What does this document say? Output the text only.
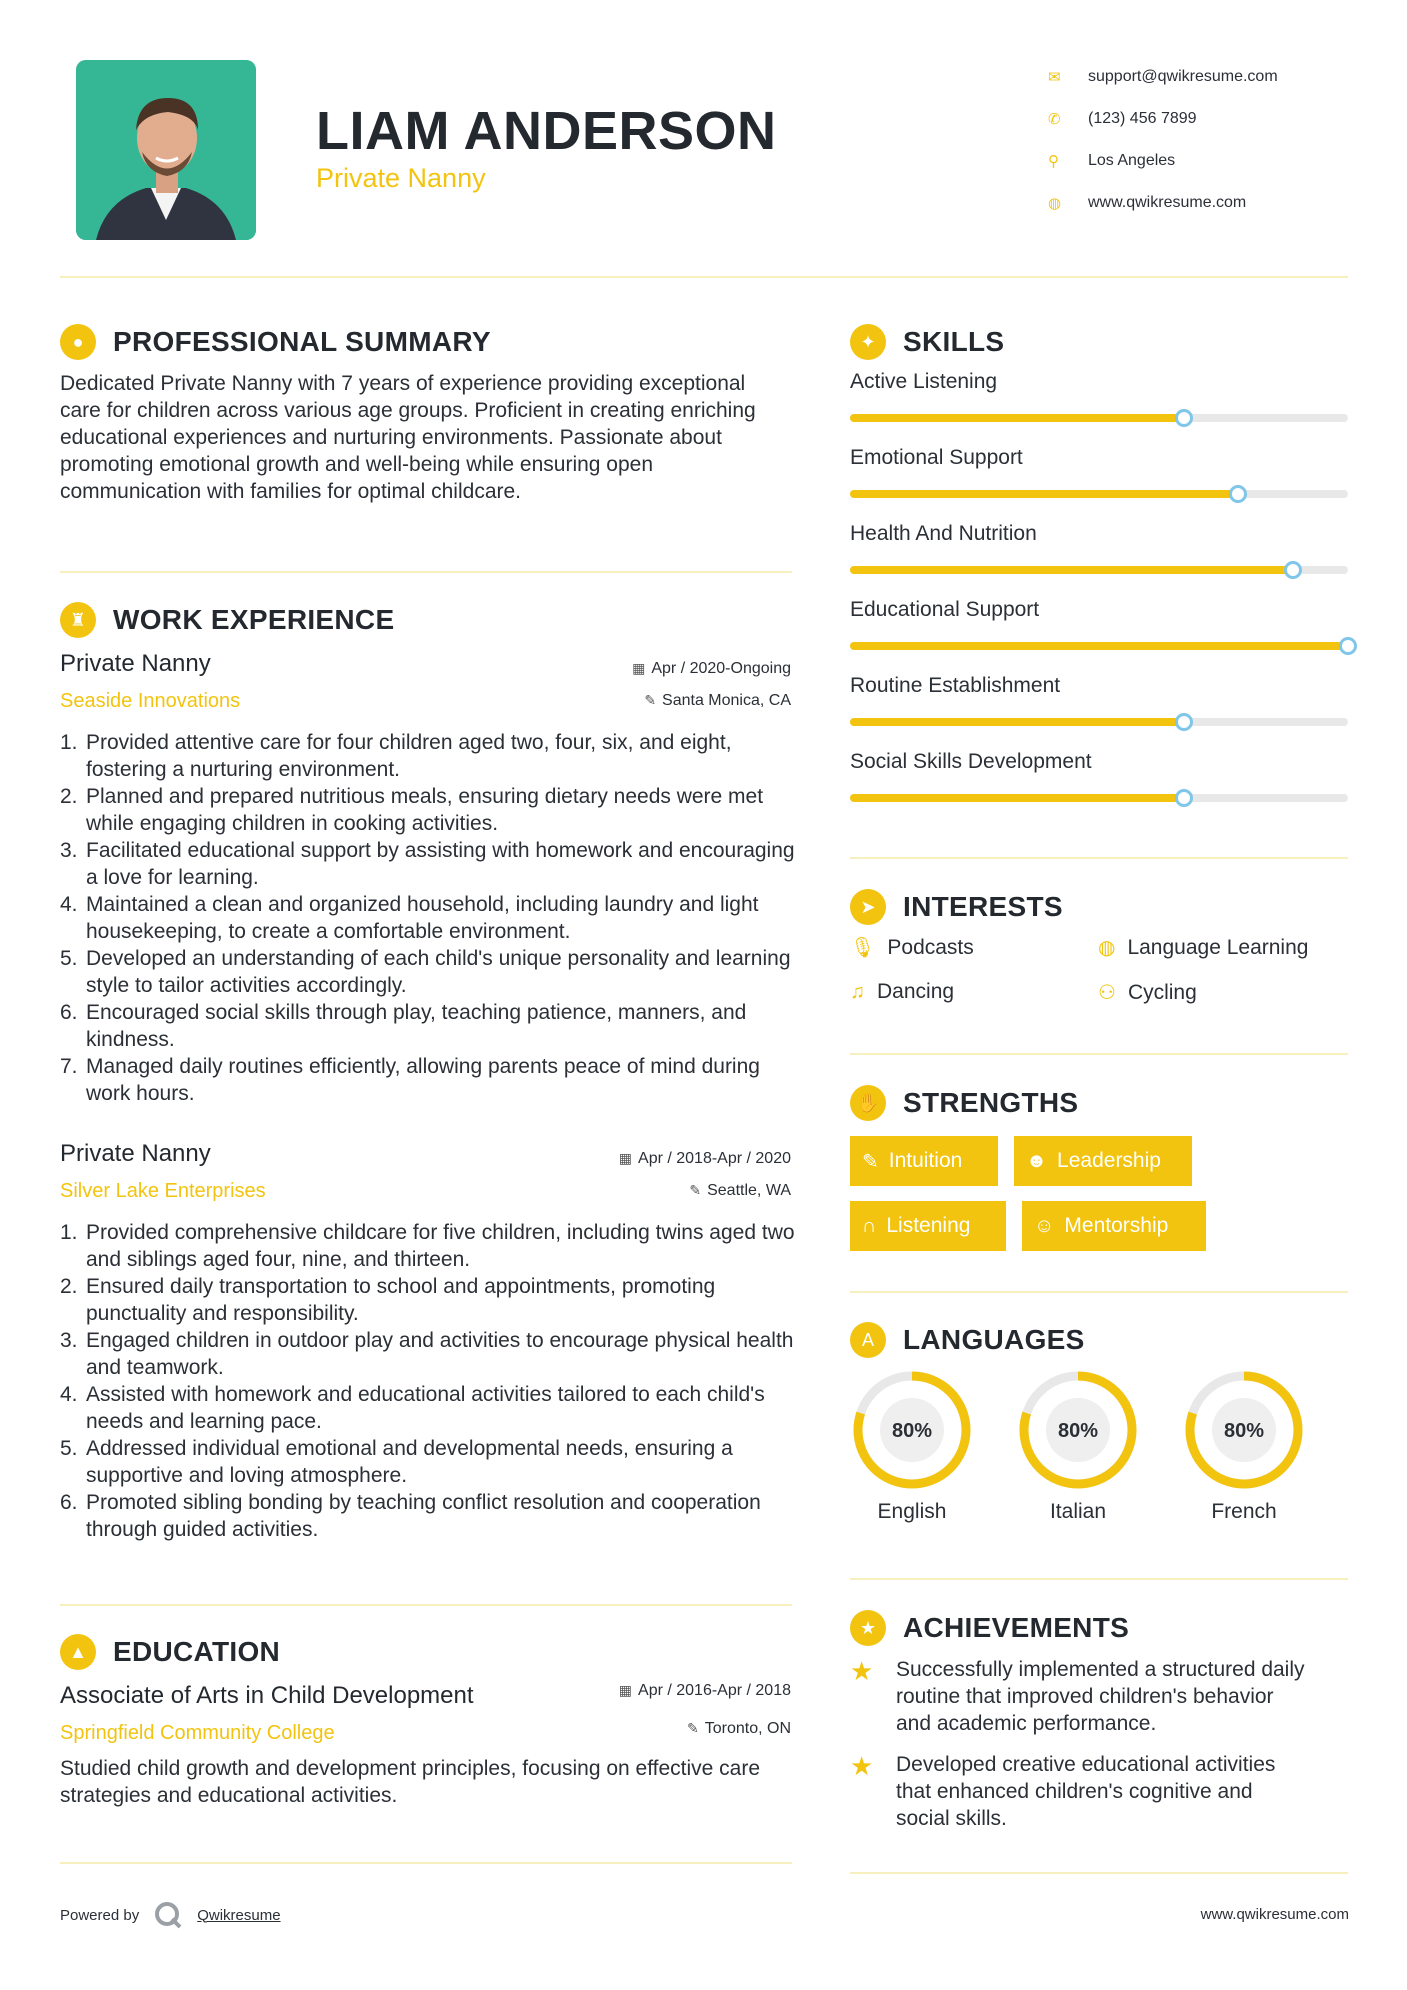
LIAM ANDERSON
Private Nanny
✉	support@qwikresume.com
✆	(123) 456 7899
⚲	Los Angeles
◍	www.qwikresume.com
●	PROFESSIONAL SUMMARY
Dedicated Private Nanny with 7 years of experience providing exceptional care for children across various age groups. Proficient in creating enriching educational experiences and nurturing environments. Passionate about promoting emotional growth and well-being while ensuring open communication with families for optimal childcare.
♜ WORK EXPERIENCE
Private Nanny
Seaside Innovations
▦ Apr / 2020-Ongoing
✎ Santa Monica, CA
1. Provided attentive care for four children aged two, four, six, and eight, fostering a nurturing environment.
2. Planned and prepared nutritious meals, ensuring dietary needs were met while engaging children in cooking activities.
3. Facilitated educational support by assisting with homework and encouraging a love for learning.
4. Maintained a clean and organized household, including laundry and light housekeeping, to create a comfortable environment.
5. Developed an understanding of each child's unique personality and learning style to tailor activities accordingly.
6. Encouraged social skills through play, teaching patience, manners, and kindness.
7. Managed daily routines efficiently, allowing parents peace of mind during work hours.
Private Nanny
Silver Lake Enterprises
▦ Apr / 2018-Apr / 2020
✎ Seattle, WA
1. Provided comprehensive childcare for five children, including twins aged two and siblings aged four, nine, and thirteen.
2. Ensured daily transportation to school and appointments, promoting punctuality and responsibility.
3. Engaged children in outdoor play and activities to encourage physical health and teamwork.
4. Assisted with homework and educational activities tailored to each child's needs and learning pace.
5. Addressed individual emotional and developmental needs, ensuring a supportive and loving atmosphere.
6. Promoted sibling bonding by teaching conflict resolution and cooperation through guided activities.
▲ EDUCATION
Associate of Arts in Child Development
Springfield Community College
▦ Apr / 2016-Apr / 2018
✎ Toronto, ON
Studied child growth and development principles, focusing on effective care strategies and educational activities.
✦ SKILLS
Active Listening
Emotional Support
Health And Nutrition
Educational Support
Routine Establishment
Social Skills Development
➤ INTERESTS
🎙 Podcasts	◍ Language Learning
♫ Dancing	⚇ Cycling
✋ STRENGTHS
✎ Intuition	☻ Leadership
∩ Listening	☺ Mentorship
A	LANGUAGES
80%
English
80%
Italian
80%
French
★ ACHIEVEMENTS
★	Successfully implemented a structured daily routine that improved children's behavior and academic performance.
★	Developed creative educational activities that enhanced children's cognitive and social skills.
Powered by	Qwikresume	www.qwikresume.com
